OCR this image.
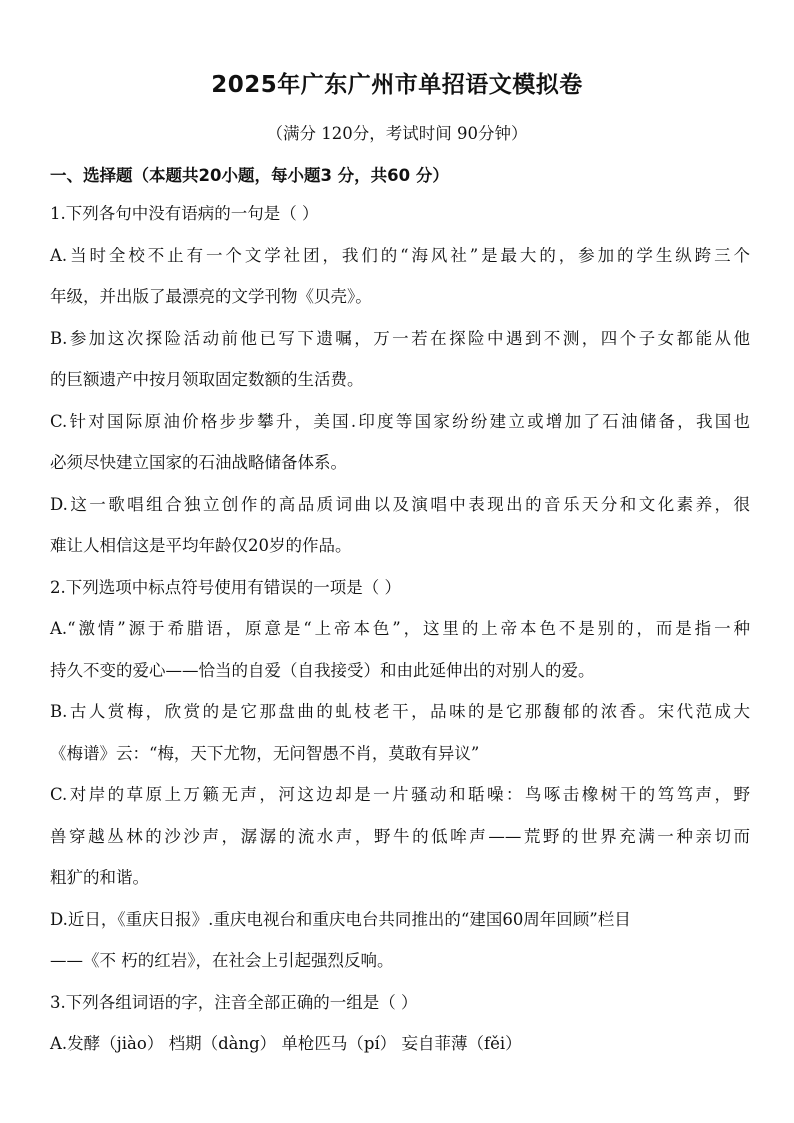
2025年广东广州市单招语文模拟卷
（满分 120分，考试时间 90分钟）
一、选择题（本题共20小题，每小题3 分，共60 分）
1.下列各句中没有语病的一句是（ ）
A.当时全校不止有一个文学社团，我们的“海风社”是最大的，参加的学生纵跨三个
年级，并出版了最漂亮的文学刊物《贝壳》。
B.参加这次探险活动前他已写下遗嘱，万一若在探险中遇到不测，四个子女都能从他
的巨额遗产中按月领取固定数额的生活费。
C.针对国际原油价格步步攀升，美国.印度等国家纷纷建立或增加了石油储备，我国也
必须尽快建立国家的石油战略储备体系。
D.这一歌唱组合独立创作的高品质词曲以及演唱中表现出的音乐天分和文化素养，很
难让人相信这是平均年龄仅20岁的作品。
2.下列选项中标点符号使用有错误的一项是（ ）
A.“激情”源于希腊语，原意是“上帝本色”，这里的上帝本色不是别的，而是指一种
持久不变的爱心——恰当的自爱（自我接受）和由此延伸出的对别人的爱。
B.古人赏梅，欣赏的是它那盘曲的虬枝老干，品味的是它那馥郁的浓香。宋代范成大
《梅谱》云：“梅，天下尤物，无问智愚不肖，莫敢有异议”
C.对岸的草原上万籁无声，河这边却是一片骚动和聒噪：鸟啄击橡树干的笃笃声，野
兽穿越丛林的沙沙声，潺潺的流水声，野牛的低哞声——荒野的世界充满一种亲切而
粗犷的和谐。
D.近日，《重庆日报》.重庆电视台和重庆电台共同推出的“建国60周年回顾”栏目
——《不 朽的红岩》，在社会上引起强烈反响。
3.下列各组词语的字，注音全部正确的一组是（ ）
A.发酵（jiào） 档期（dàng） 单枪匹马（pí） 妄自菲薄（fěi）
